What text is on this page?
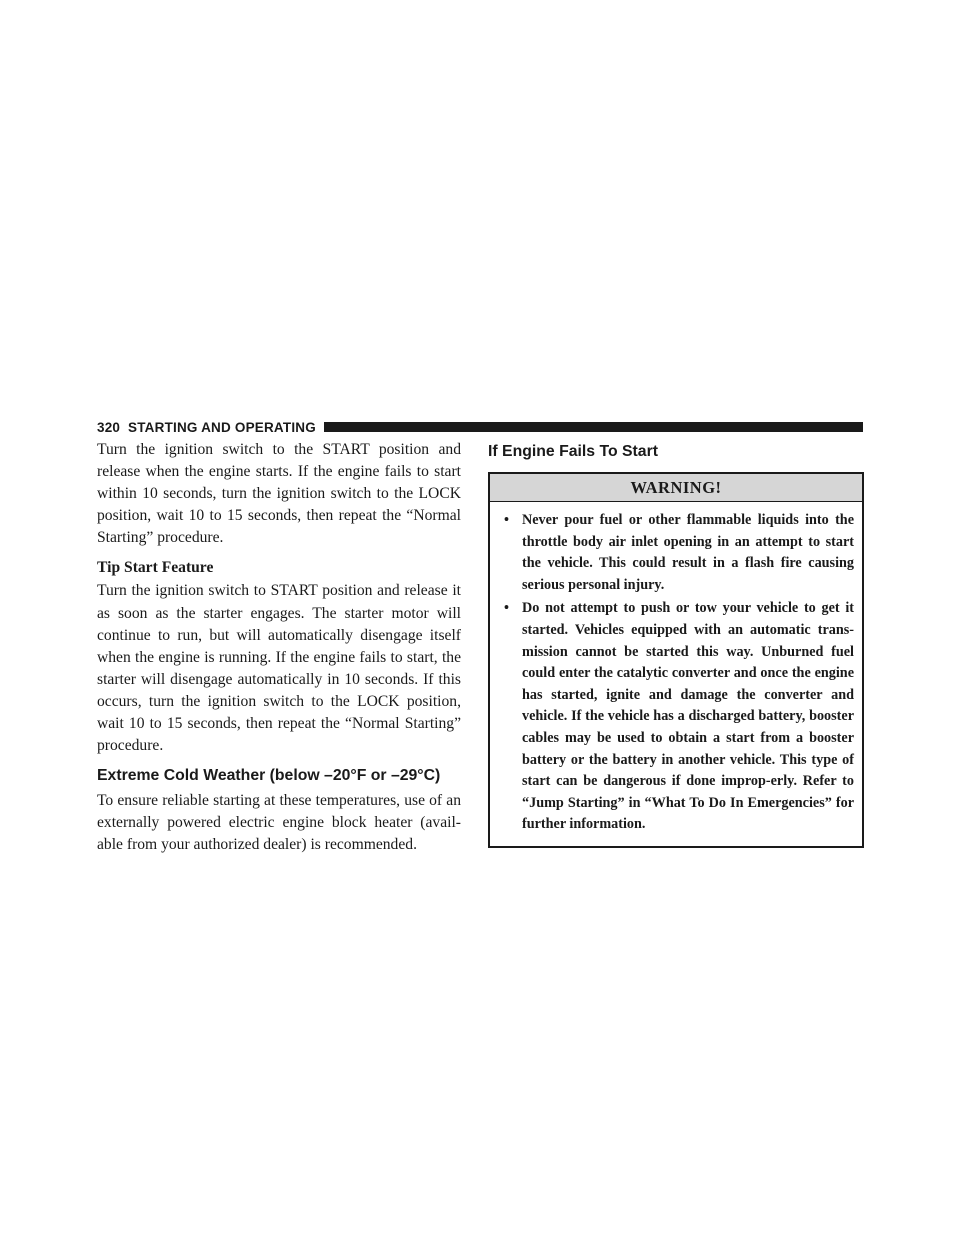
320 STARTING AND OPERATING

Turn the ignition switch to the START position and release when the engine starts. If the engine fails to start within 10 seconds, turn the ignition switch to the LOCK position, wait 10 to 15 seconds, then repeat the “Normal Starting” procedure.

Tip Start Feature

Turn the ignition switch to START position and release it as soon as the starter engages. The starter motor will continue to run, but will automatically disengage itself when the engine is running. If the engine fails to start, the starter will disengage automatically in 10 seconds. If this occurs, turn the ignition switch to the LOCK position, wait 10 to 15 seconds, then repeat the “Normal Starting” procedure.

Extreme Cold Weather (below –20°F or –29°C)

To ensure reliable starting at these temperatures, use of an externally powered electric engine block heater (avail-able from your authorized dealer) is recommended.

If Engine Fails To Start
WARNING!
• Never pour fuel or other flammable liquids into the throttle body air inlet opening in an attempt to start the vehicle. This could result in a flash fire causing serious personal injury.
• Do not attempt to push or tow your vehicle to get it started. Vehicles equipped with an automatic trans-mission cannot be started this way. Unburned fuel could enter the catalytic converter and once the engine has started, ignite and damage the converter and vehicle. If the vehicle has a discharged battery, booster cables may be used to obtain a start from a booster battery or the battery in another vehicle. This type of start can be dangerous if done improp-erly. Refer to “Jump Starting” in “What To Do In Emergencies” for further information.
